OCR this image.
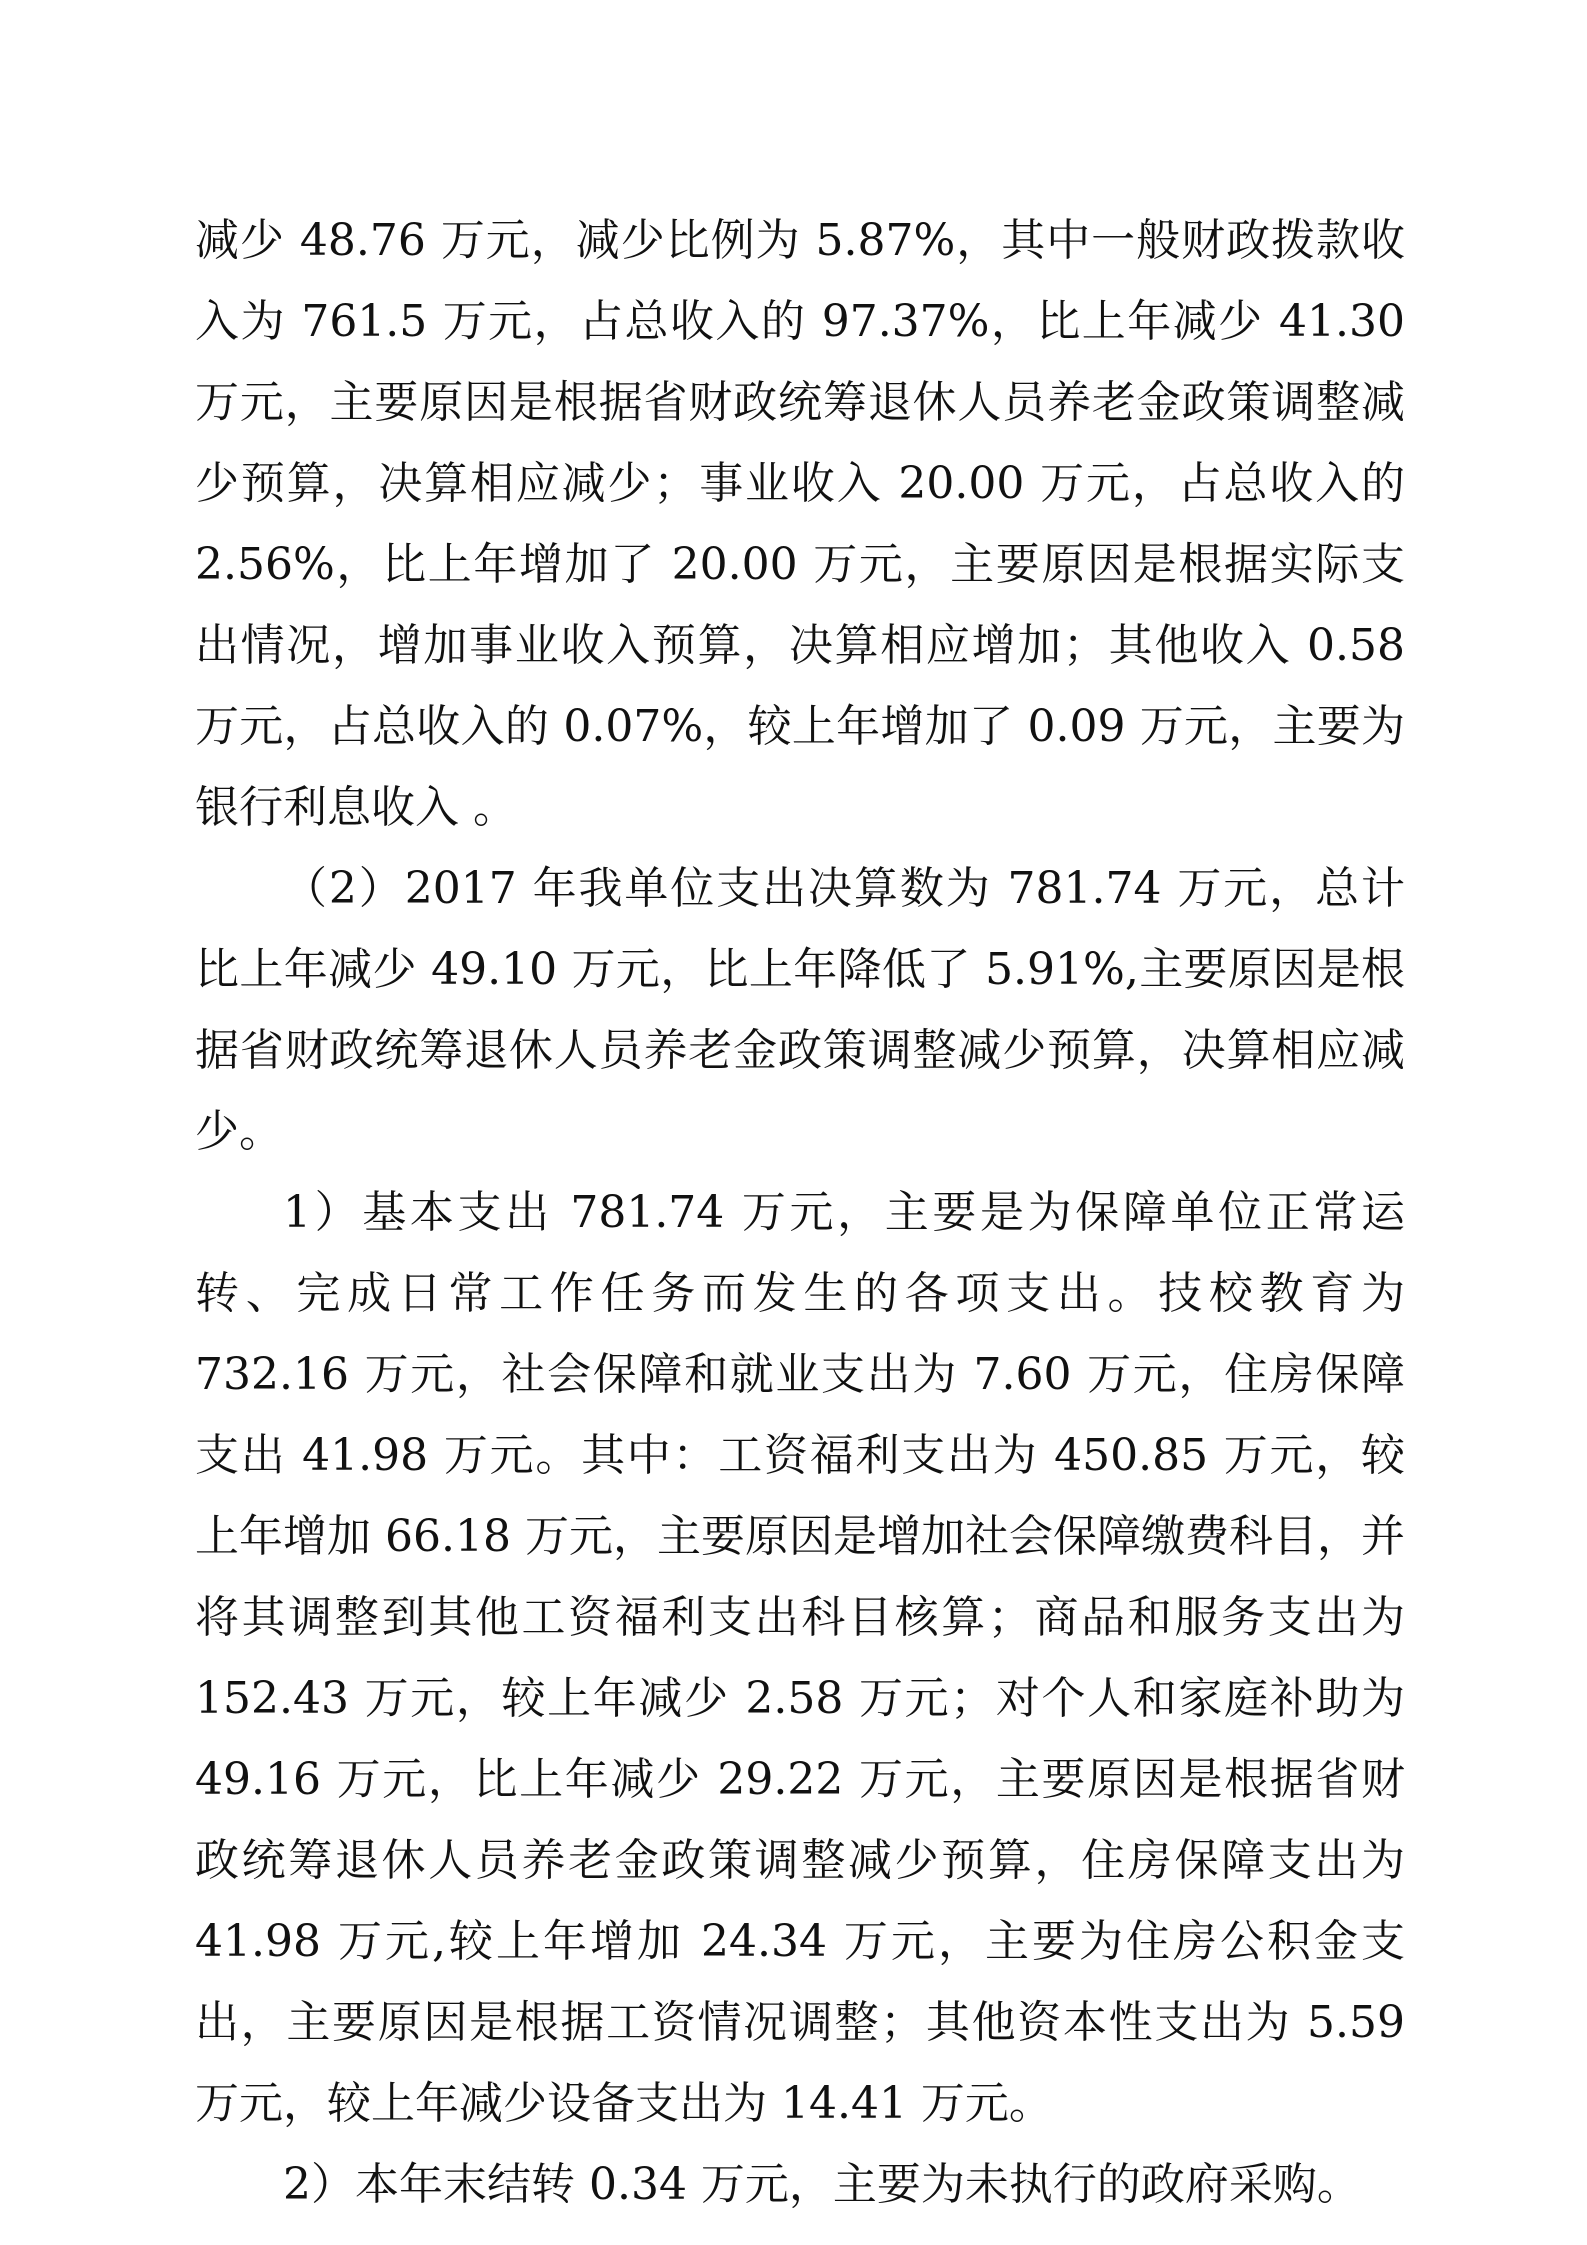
减少 48.76 万元，减少比例为 5.87%，其中一般财政拨款收入为 761.5 万元，占总收入的 97.37%，比上年减少 41.30 万元，主要原因是根据省财政统筹退休人员养老金政策调整减少预算，决算相应减少；事业收入 20.00 万元，占总收入的 2.56%，比上年增加了 20.00 万元，主要原因是根据实际支出情况，增加事业收入预算，决算相应增加；其他收入 0.58 万元，占总收入的 0.07%，较上年增加了 0.09 万元，主要为银行利息收入 。

（2）2017 年我单位支出决算数为 781.74 万元，总计比上年减少 49.10 万元，比上年降低了 5.91%,主要原因是根据省财政统筹退休人员养老金政策调整减少预算，决算相应减少。

1）基本支出 781.74 万元，主要是为保障单位正常运转、完成日常工作任务而发生的各项支出。技校教育为 732.16 万元，社会保障和就业支出为 7.60 万元，住房保障支出 41.98 万元。其中：工资福利支出为 450.85 万元，较上年增加 66.18 万元，主要原因是增加社会保障缴费科目，并将其调整到其他工资福利支出科目核算；商品和服务支出为 152.43 万元，较上年减少 2.58 万元；对个人和家庭补助为 49.16 万元，比上年减少 29.22 万元，主要原因是根据省财政统筹退休人员养老金政策调整减少预算，住房保障支出为 41.98 万元,较上年增加 24.34 万元，主要为住房公积金支出，主要原因是根据工资情况调整；其他资本性支出为 5.59 万元，较上年减少设备支出为 14.41 万元。

2）本年末结转 0.34 万元，主要为未执行的政府采购。
